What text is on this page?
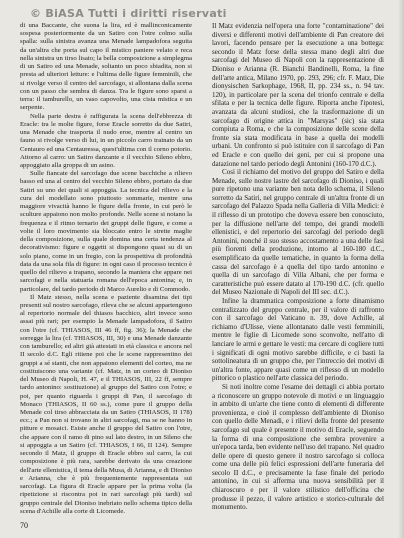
© BiASA Tutti i diritti riservati

di una Baccante, che suona la lira, ed è mallinconicamente sospesa posteriormente da un Satiro con l'otre colmo sulla spalla: sulla sinistra avanza una Menade lampadofora seguita da un'altra che porta sul capo il mistico paniere velato e reca nella sinistra un tirso lisato; la bella composizione a simplegma di un Satiro ed una Menade, soltanto un poco sbiadita, non si presta ad ulteriori letture: e l'ultima delle figure femminili, che si rivolge verso il centro del sarcofago, si allontana dalla scena con un passo che sembra di danza. Tra le figure sono sparsi a terra: il tamburello, un vaso capovolto, una cista mistica e un serpente.

Nella parte destra è raffigurata la scena dell'ebbrezza di Eracle: tra le molte figure, forse Eracle sorretto da due Satiri, una Menade che trasporta il nudo eroe, mentre al centro un fauno si rivolge verso di lui, in un piccolo carro trainato da un Centauro ed una Centauressa, quest'ultima con il corno potorio. Attorno al carro: un Satiro danzante e il vecchio Sileno ebbro, appoggiato alla groppa di un asino.

Sulle fiancate del sarcofago due scene bacchiche a rilievo basso ed una al centro del vecchio Sileno ebbro, portato da due Satiri su uno dei quali si appoggia. La tecnica del rilievo e la cura del modellato sono piuttosto sommarie, mentre una maggiore vivacità hanno le figure della fronte, in cui però le sculture appaiono non molto profonde. Nelle scene si notano la frequenza e il ritmo ternario dei gruppi delle figure, e come a volte il loro movimento sia bloccato entro le strette maglie della composizione, sulla quale domina una certa tendenza al decorativismo: figure e oggetti si dispongono quasi su di un solo piano, come in un fregio, con la prospettiva di profondità data da una sola fila di figure: in ogni caso il processo tecnico è quello del rilievo a trapano, secondo la maniera che appare nei sarcofagi e nella statuaria romana dell'epoca antonina; e, in particolare, del tardo periodo di Marco Aurelio e di Commodo.

Il Matz stesso, nella scena e paziente disamina dei tipi presenti sul nostro sarcofago, rileva che se alcuni appartengono al repertorio normale del thiasos bacchico, altri invece sono assai più rari; per esempio la Menade lampadofora, il Satiro con l'otre (cf. THIASOS, III 46 ff, fig. 36); la Menade che sorregge la lira (cf. THIASOS, III, 30) e una Menade danzante con tamburello; ed altri già attestati in età classica e ancora nel II secolo d.C. Egli ritiene poi che le scene rappresentino dei gruppi a sé stanti, che non appaiono elementi del corteo, ma ne costituiscono una variante (cf. Matz, in un corteo di Dioniso del Museo di Napoli, H. 47, e il THIASOS, III, 22 ff, sempre tardo antonino: sostituzione) al gruppo del Satiro con l'otre; e poi, per quanto riguarda i gruppi di Pan, il sarcofago di Monaco (THIASOS, II 60 ss.), come pure il gruppo della Menade col tirso abbracciata da un Satiro (THIASOS, II 178) ecc.; a Pan non si trovano in altri sarcofagi, ma se ne hanno in pitture e mosaici. Esiste anche il gruppo del Satiro con l'otre, che appare con il ramo di pino sul lato destro, in un Sileno che si appoggia a un Satiro (cf. THIASOS, I 66, II 124). Sempre secondo il Matz, il gruppo di Eracle ebbro sul carro, la cui composizione è più rara, sarebbe derivato da una creazione dell'arte ellenistica, il tema della Musa, di Arianna, e di Dioniso e Arianna, che è più frequentemente rappresentata sui sarcofagi. La figura di Eracle appare per la prima volta (la ripetizione si riscontra poi in rari sarcofagi più tardi) sul gruppo centrale del Dioniso inebriato nello schema tipico della scena d'Achille alla corte di Licomede.

Il Matz evidenzia nell'opera una forte "contaminazione" dei diversi e differenti motivi dell'ambiente di Pan creatore dei lavori, facendo pensare per la esecuzione a una bottega: secondo il Matz forse della stessa mano degli altri due sarcofagi del Museo di Napoli con la rappresentazione di Dioniso e Arianna (R. Bianchi Bandinelli, Roma, la fine dell'arte antica, Milano 1970, pp. 293, 296; cfr. F. Matz, Die dionysischen Sarkophage, 1968, II, pp. 234 ss., n. 94 tav. 120), in particolare per la scena del trionfo centrale e della sfilata e per la tecnica delle figure. Riporta anche l'ipotesi, avanzata da alcuni studiosi, che la trasformazione di un sarcofago di origine attica in "Marsyas" (sic) sia stata compiuta a Roma, e che la composizione delle scene della fronte sia stata modificata in base a quella dei modelli urbani. Un confronto si può istituire con il sarcofago di Pan ed Eracle e con quello dei geni, per cui si propone una datazione nel tardo periodo degli Antonini (160-170 d.C.).

Così il richiamo del motivo del gruppo del Satiro e della Menade, sulle nostre lastre del sarcofago di Dioniso, i quali pure ripetono una variante ben nota dello schema, il Sileno sorretto da Satiri, nel gruppo centrale di un'altra fronte di un sarcofago del Palazzo Spada nella Galleria di Villa Medici: è il riflesso di un prototipo che doveva essere ben conosciuto, per la diffusione nell'arte del tempo, dei grandi modelli ellenistici, e del repertorio dei sarcofagi del periodo degli Antonini, nonché il suo stesso accostamento a una delle fasi più fiorenti della produzione, intorno al 160-180 d.C., esemplificato da quelle tematiche, in quanto la forma della cassa del sarcofago è a quella del tipo tardo antonino e quella di un sarcofago di Villa Albani, che per forma e caratteristiche può essere datato al 170-190 d.C. (cfr. quello del Museo Nazionale di Napoli del III sec. d.C.).

Infine la drammatica composizione a forte dinamismo centralizzato del gruppo centrale, per il valore di raffronto con il sarcofago del Vaticano n. 39, dove Achille, al richiamo d'Ulisse, viene allontanato dalle vesti femminili, mentre le figlie di Licomede sono sconvolte, nell'atto di lanciare le armi e gettare le vesti: ma cercare di cogliere tutti i significati di ogni motivo sarebbe difficile, e ci basti la sottolineatura di un gruppo che, per l'intreccio dei motivi di un'altra fonte, appare quasi come un riflesso di un modello pittorico o plastico nell'arte classica del periodo.

Si noti inoltre come l'esame dei dettagli ci abbia portato a riconoscere un gruppo notevole di motivi e un linguaggio in ambito di un'arte che tiene conto di elementi di differente provenienza, e cioè il complesso dell'ambiente di Dioniso con quello delle Menadi, e i rilievi della fronte del presente sarcofago sul quale è presente il motivo di Eracle, seguendo la forma di una composizione che sembra provenire a un'epoca tarda, ben evidente nell'uso del trapano. Nel quadro delle opere di questo genere il nostro sarcofago si colloca come una delle più felici espressioni dell'arte funeraria del secolo II d.C., e precisamente la fase finale del periodo antonino, in cui si afferma una nuova sensibilità per il chiaroscuro e per il valore stilistico dell'officina che produsse il pezzo, il valore artistico e storico-culturale del monumento.

70
